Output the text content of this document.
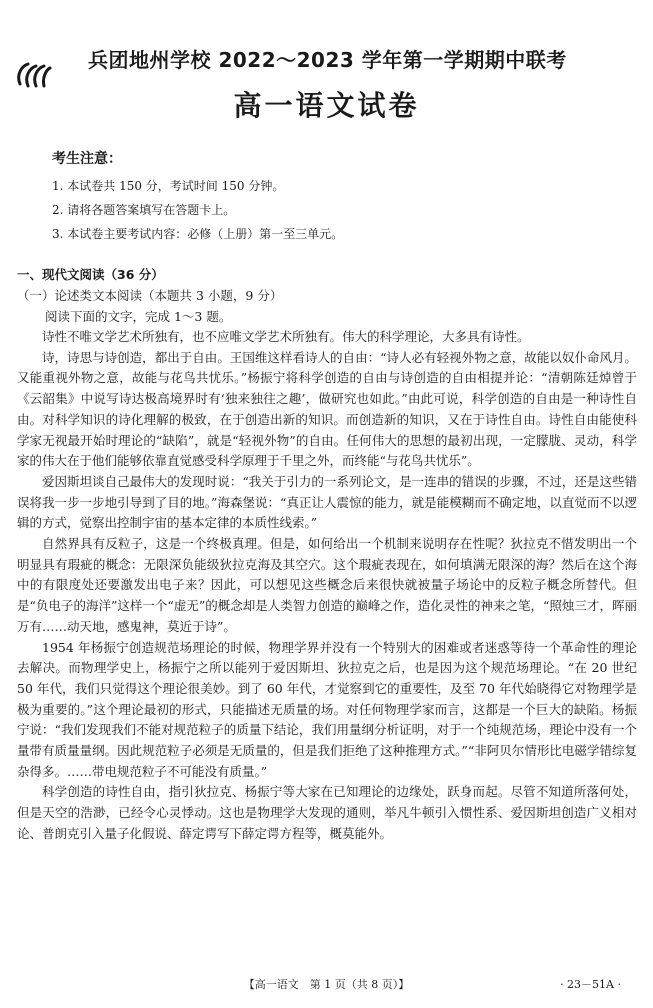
兵团地州学校 2022～2023 学年第一学期期中联考
高一语文试卷
考生注意：
1. 本试卷共 150 分，考试时间 150 分钟。
2. 请将各题答案填写在答题卡上。
3. 本试卷主要考试内容：必修（上册）第一至三单元。
一、现代文阅读（36 分）
（一）论述类文本阅读（本题共 3 小题，9 分）
阅读下面的文字，完成 1～3 题。

诗性不唯文学艺术所独有，也不应唯文学艺术所独有。伟大的科学理论，大多具有诗性。

诗，诗思与诗创造，都出于自由。王国维这样看诗人的自由：“诗人必有轻视外物之意，故能以奴仆命风月。又能重视外物之意，故能与花鸟共忧乐。”杨振宁将科学创造的自由与诗创造的自由相提并论：“清朝陈廷焯曾于《云韶集》中说写诗达极高境界时有‘独来独往之趣’，做研究也如此。”由此可说，科学创造的自由是一种诗性自由。对科学知识的诗化理解的极致，在于创造出新的知识。而创造新的知识，又在于诗性自由。诗性自由能使科学家无视最开始时理论的“缺陷”，就是“轻视外物”的自由。任何伟大的思想的最初出现，一定朦胧、灵动，科学家的伟大在于他们能够依靠直觉感受科学原理于千里之外，而终能“与花鸟共忧乐”。

爱因斯坦谈自己最伟大的发现时说：“我关于引力的一系列论文，是一连串的错误的步骤，不过，还是这些错误将我一步一步地引导到了目的地。”海森堡说：“真正让人震惊的能力，就是能模糊而不确定地，以直觉而不以逻辑的方式，觉察出控制宇宙的基本定律的本质性线索。”

自然界具有反粒子，这是一个终极真理。但是，如何给出一个机制来说明存在性呢？狄拉克不惜发明出一个明显具有瑕疵的概念：无限深负能级狄拉克海及其空穴。这个瑕疵表现在，如何填满无限深的海？然后在这个海中的有限度处还要激发出电子来？因此，可以想见这些概念后来很快就被量子场论中的反粒子概念所替代。但是“负电子的海洋”这样一个“虚无”的概念却是人类智力创造的巅峰之作，造化灵性的神来之笔，“照烛三才，晖丽万有……动天地，感鬼神，莫近于诗”。

1954 年杨振宁创造规范场理论的时候，物理学界并没有一个特别大的困难或者迷惑等待一个革命性的理论去解决。而物理学史上，杨振宁之所以能列于爱因斯坦、狄拉克之后，也是因为这个规范场理论。“在 20 世纪 50 年代，我们只觉得这个理论很美妙。到了 60 年代，才觉察到它的重要性，及至 70 年代始晓得它对物理学是极为重要的。”这个理论最初的形式，只能描述无质量的场。对任何物理学家而言，这都是一个巨大的缺陷。杨振宁说：“我们发现我们不能对规范粒子的质量下结论，我们用量纲分析证明，对于一个纯规范场，理论中没有一个量带有质量量纲。因此规范粒子必须是无质量的，但是我们拒绝了这种推理方式。”“非阿贝尔情形比电磁学错综复杂得多。……带电规范粒子不可能没有质量。”

科学创造的诗性自由，指引狄拉克、杨振宁等大家在已知理论的边缘处，跃身而起。尽管不知道所落何处，但是天空的浩渺，已经令心灵悸动。这也是物理学大发现的通则，举凡牛顿引入惯性系、爱因斯坦创造广义相对论、普朗克引入量子化假说、薛定谔写下薛定谔方程等，概莫能外。

【高一语文　第 1 页（共 8 页）】	· 23－51A ·
